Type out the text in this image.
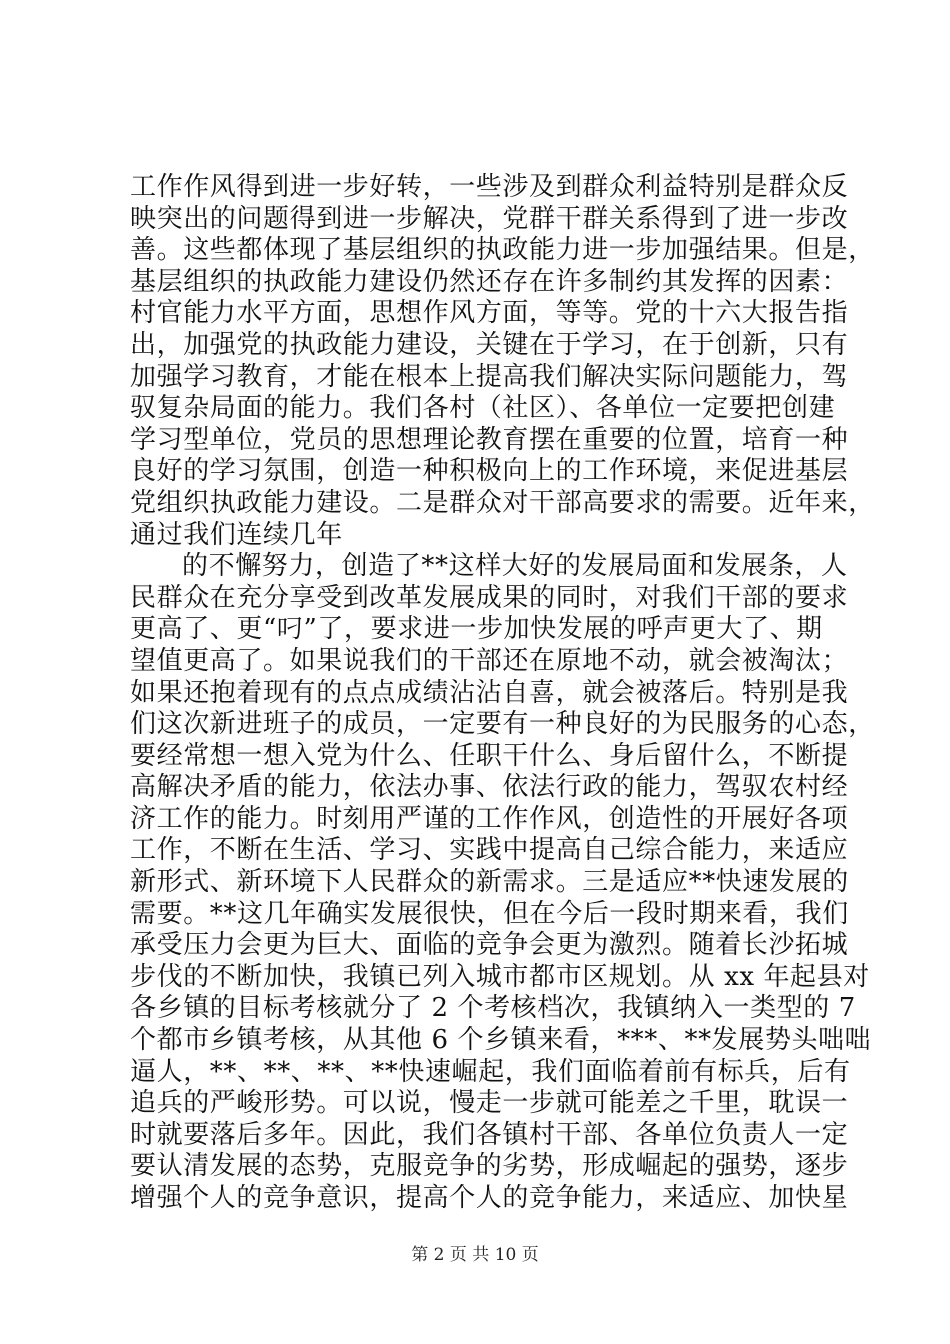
工作作风得到进一步好转，一些涉及到群众利益特别是群众反
映突出的问题得到进一步解决，党群干群关系得到了进一步改
善。这些都体现了基层组织的执政能力进一步加强结果。但是，
基层组织的执政能力建设仍然还存在许多制约其发挥的因素：
村官能力水平方面，思想作风方面，等等。党的十六大报告指
出，加强党的执政能力建设，关键在于学习，在于创新，只有
加强学习教育，才能在根本上提高我们解决实际问题能力，驾
驭复杂局面的能力。我们各村（社区）、各单位一定要把创建
学习型单位，党员的思想理论教育摆在重要的位置，培育一种
良好的学习氛围，创造一种积极向上的工作环境，来促进基层
党组织执政能力建设。二是群众对干部高要求的需要。近年来，
通过我们连续几年
的不懈努力，创造了**这样大好的发展局面和发展条，人
民群众在充分享受到改革发展成果的同时，对我们干部的要求
更高了、更“叼”了，要求进一步加快发展的呼声更大了、期
望值更高了。如果说我们的干部还在原地不动，就会被淘汰；
如果还抱着现有的点点成绩沾沾自喜，就会被落后。特别是我
们这次新进班子的成员，一定要有一种良好的为民服务的心态，
要经常想一想入党为什么、任职干什么、身后留什么，不断提
高解决矛盾的能力，依法办事、依法行政的能力，驾驭农村经
济工作的能力。时刻用严谨的工作作风，创造性的开展好各项
工作，不断在生活、学习、实践中提高自己综合能力，来适应
新形式、新环境下人民群众的新需求。三是适应**快速发展的
需要。**这几年确实发展很快，但在今后一段时期来看，我们
承受压力会更为巨大、面临的竞争会更为激烈。随着长沙拓城
步伐的不断加快，我镇已列入城市都市区规划。从 xx 年起县对
各乡镇的目标考核就分了 2 个考核档次，我镇纳入一类型的 7
个都市乡镇考核，从其他 6 个乡镇来看，***、**发展势头咄咄
逼人，**、**、**、**快速崛起，我们面临着前有标兵，后有
追兵的严峻形势。可以说，慢走一步就可能差之千里，耽误一
时就要落后多年。因此，我们各镇村干部、各单位负责人一定
要认清发展的态势，克服竞争的劣势，形成崛起的强势，逐步
增强个人的竞争意识，提高个人的竞争能力，来适应、加快星
第 2 页 共 10 页
